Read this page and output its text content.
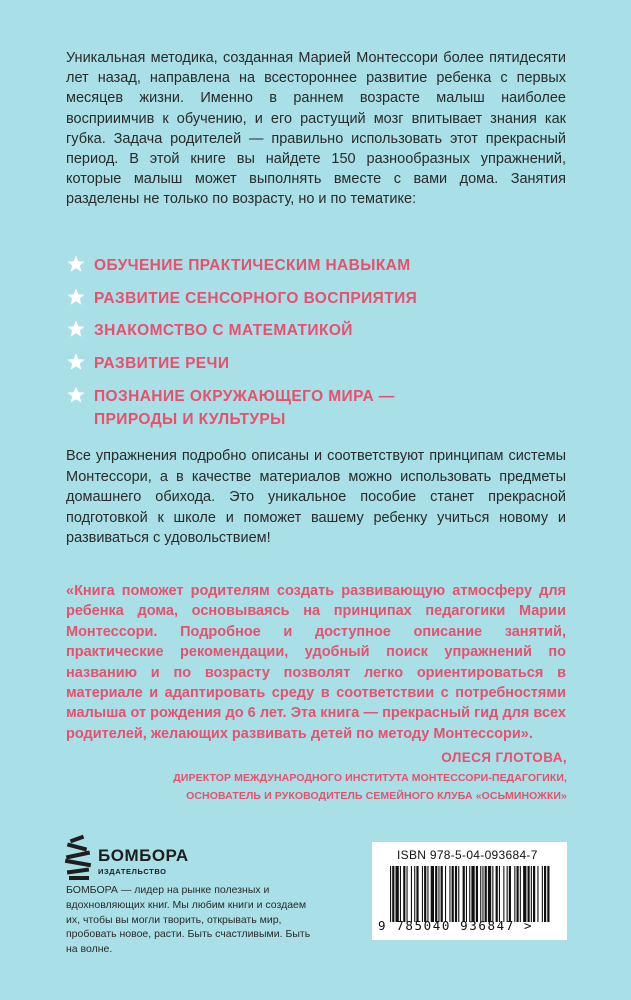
Уникальная методика, созданная Марией Монтессори более пятидесяти лет назад, направлена на всестороннее развитие ребенка с первых месяцев жизни. Именно в раннем возрасте малыш наиболее восприимчив к обучению, и его растущий мозг впитывает знания как губка. Задача родителей — правильно использовать этот прекрасный период. В этой книге вы найдете 150 разнообразных упражнений, которые малыш может выполнять вместе с вами дома. Занятия разделены не только по возрасту, но и по тематике:

ОБУЧЕНИЕ ПРАКТИЧЕСКИМ НАВЫКАМ
РАЗВИТИЕ СЕНСОРНОГО ВОСПРИЯТИЯ
ЗНАКОМСТВО С МАТЕМАТИКОЙ
РАЗВИТИЕ РЕЧИ
ПОЗНАНИЕ ОКРУЖАЮЩЕГО МИРА — ПРИРОДЫ И КУЛЬТУРЫ

Все упражнения подробно описаны и соответствуют принципам системы Монтессори, а в качестве материалов можно использовать предметы домашнего обихода. Это уникальное пособие станет прекрасной подготовкой к школе и поможет вашему ребенку учиться новому и развиваться с удовольствием!

«Книга поможет родителям создать развивающую атмосферу для ребенка дома, основываясь на принципах педагогики Марии Монтессори. Подробное и доступное описание занятий, практические рекомендации, удобный поиск упражнений по названию и по возрасту позволят легко ориентироваться в материале и адаптировать среду в соответствии с потребностями малыша от рождения до 6 лет. Эта книга — прекрасный гид для всех родителей, желающих развивать детей по методу Монтессори».

ОЛЕСЯ ГЛОТОВА,
ДИРЕКТОР МЕЖДУНАРОДНОГО ИНСТИТУТА МОНТЕССОРИ-ПЕДАГОГИКИ,
ОСНОВАТЕЛЬ И РУКОВОДИТЕЛЬ СЕМЕЙНОГО КЛУБА «ОСЬМИНОЖКИ»
БОМБОРА
ИЗДАТЕЛЬСТВО
БОМБОРА — лидер на рынке полезных и вдохновляющих книг. Мы любим книги и создаем их, чтобы вы могли творить, открывать мир, пробовать новое, расти. Быть счастливыми. Быть на волне.
ISBN 978-5-04-093684-7
9 785040 936847 >
